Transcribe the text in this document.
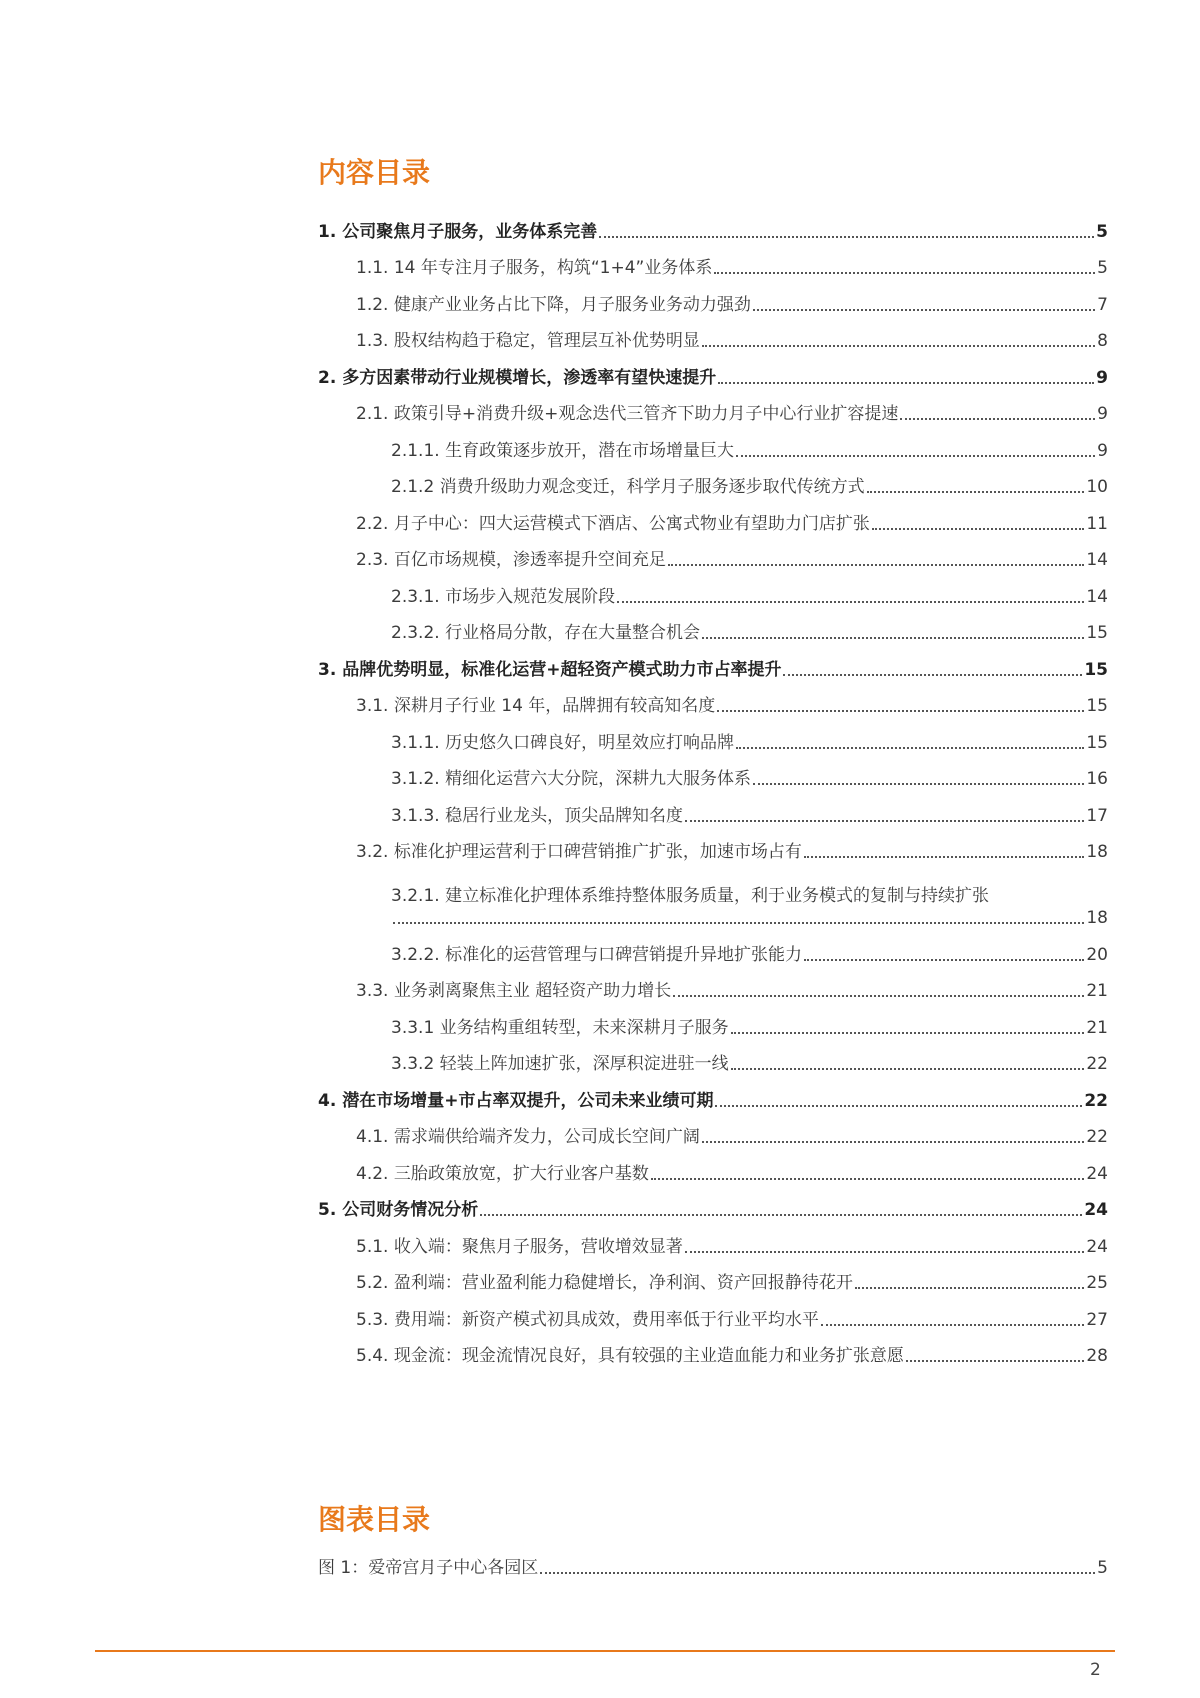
内容目录
1. 公司聚焦月子服务，业务体系完善	5
1.1. 14 年专注月子服务，构筑“1+4”业务体系	5
1.2. 健康产业业务占比下降，月子服务业务动力强劲	7
1.3. 股权结构趋于稳定，管理层互补优势明显	8
2. 多方因素带动行业规模增长，渗透率有望快速提升	9
2.1. 政策引导+消费升级+观念迭代三管齐下助力月子中心行业扩容提速	9
2.1.1. 生育政策逐步放开，潜在市场增量巨大	9
2.1.2 消费升级助力观念变迁，科学月子服务逐步取代传统方式	10
2.2. 月子中心：四大运营模式下酒店、公寓式物业有望助力门店扩张	11
2.3. 百亿市场规模，渗透率提升空间充足	14
2.3.1. 市场步入规范发展阶段	14
2.3.2. 行业格局分散，存在大量整合机会	15
3. 品牌优势明显，标准化运营+超轻资产模式助力市占率提升	15
3.1. 深耕月子行业 14 年，品牌拥有较高知名度	15
3.1.1. 历史悠久口碑良好，明星效应打响品牌	15
3.1.2. 精细化运营六大分院，深耕九大服务体系	16
3.1.3. 稳居行业龙头，顶尖品牌知名度	17
3.2. 标准化护理运营利于口碑营销推广扩张，加速市场占有	18
3.2.1. 建立标准化护理体系维持整体服务质量，利于业务模式的复制与持续扩张
18
3.2.2. 标准化的运营管理与口碑营销提升异地扩张能力	20
3.3. 业务剥离聚焦主业 超轻资产助力增长	21
3.3.1 业务结构重组转型，未来深耕月子服务	21
3.3.2 轻装上阵加速扩张，深厚积淀进驻一线	22
4. 潜在市场增量+市占率双提升，公司未来业绩可期	22
4.1. 需求端供给端齐发力，公司成长空间广阔	22
4.2. 三胎政策放宽，扩大行业客户基数	24
5. 公司财务情况分析	24
5.1. 收入端：聚焦月子服务，营收增效显著	24
5.2. 盈利端：营业盈利能力稳健增长，净利润、资产回报静待花开	25
5.3. 费用端：新资产模式初具成效，费用率低于行业平均水平	27
5.4. 现金流：现金流情况良好，具有较强的主业造血能力和业务扩张意愿	28
图表目录
图 1：爱帝宫月子中心各园区	5
2
